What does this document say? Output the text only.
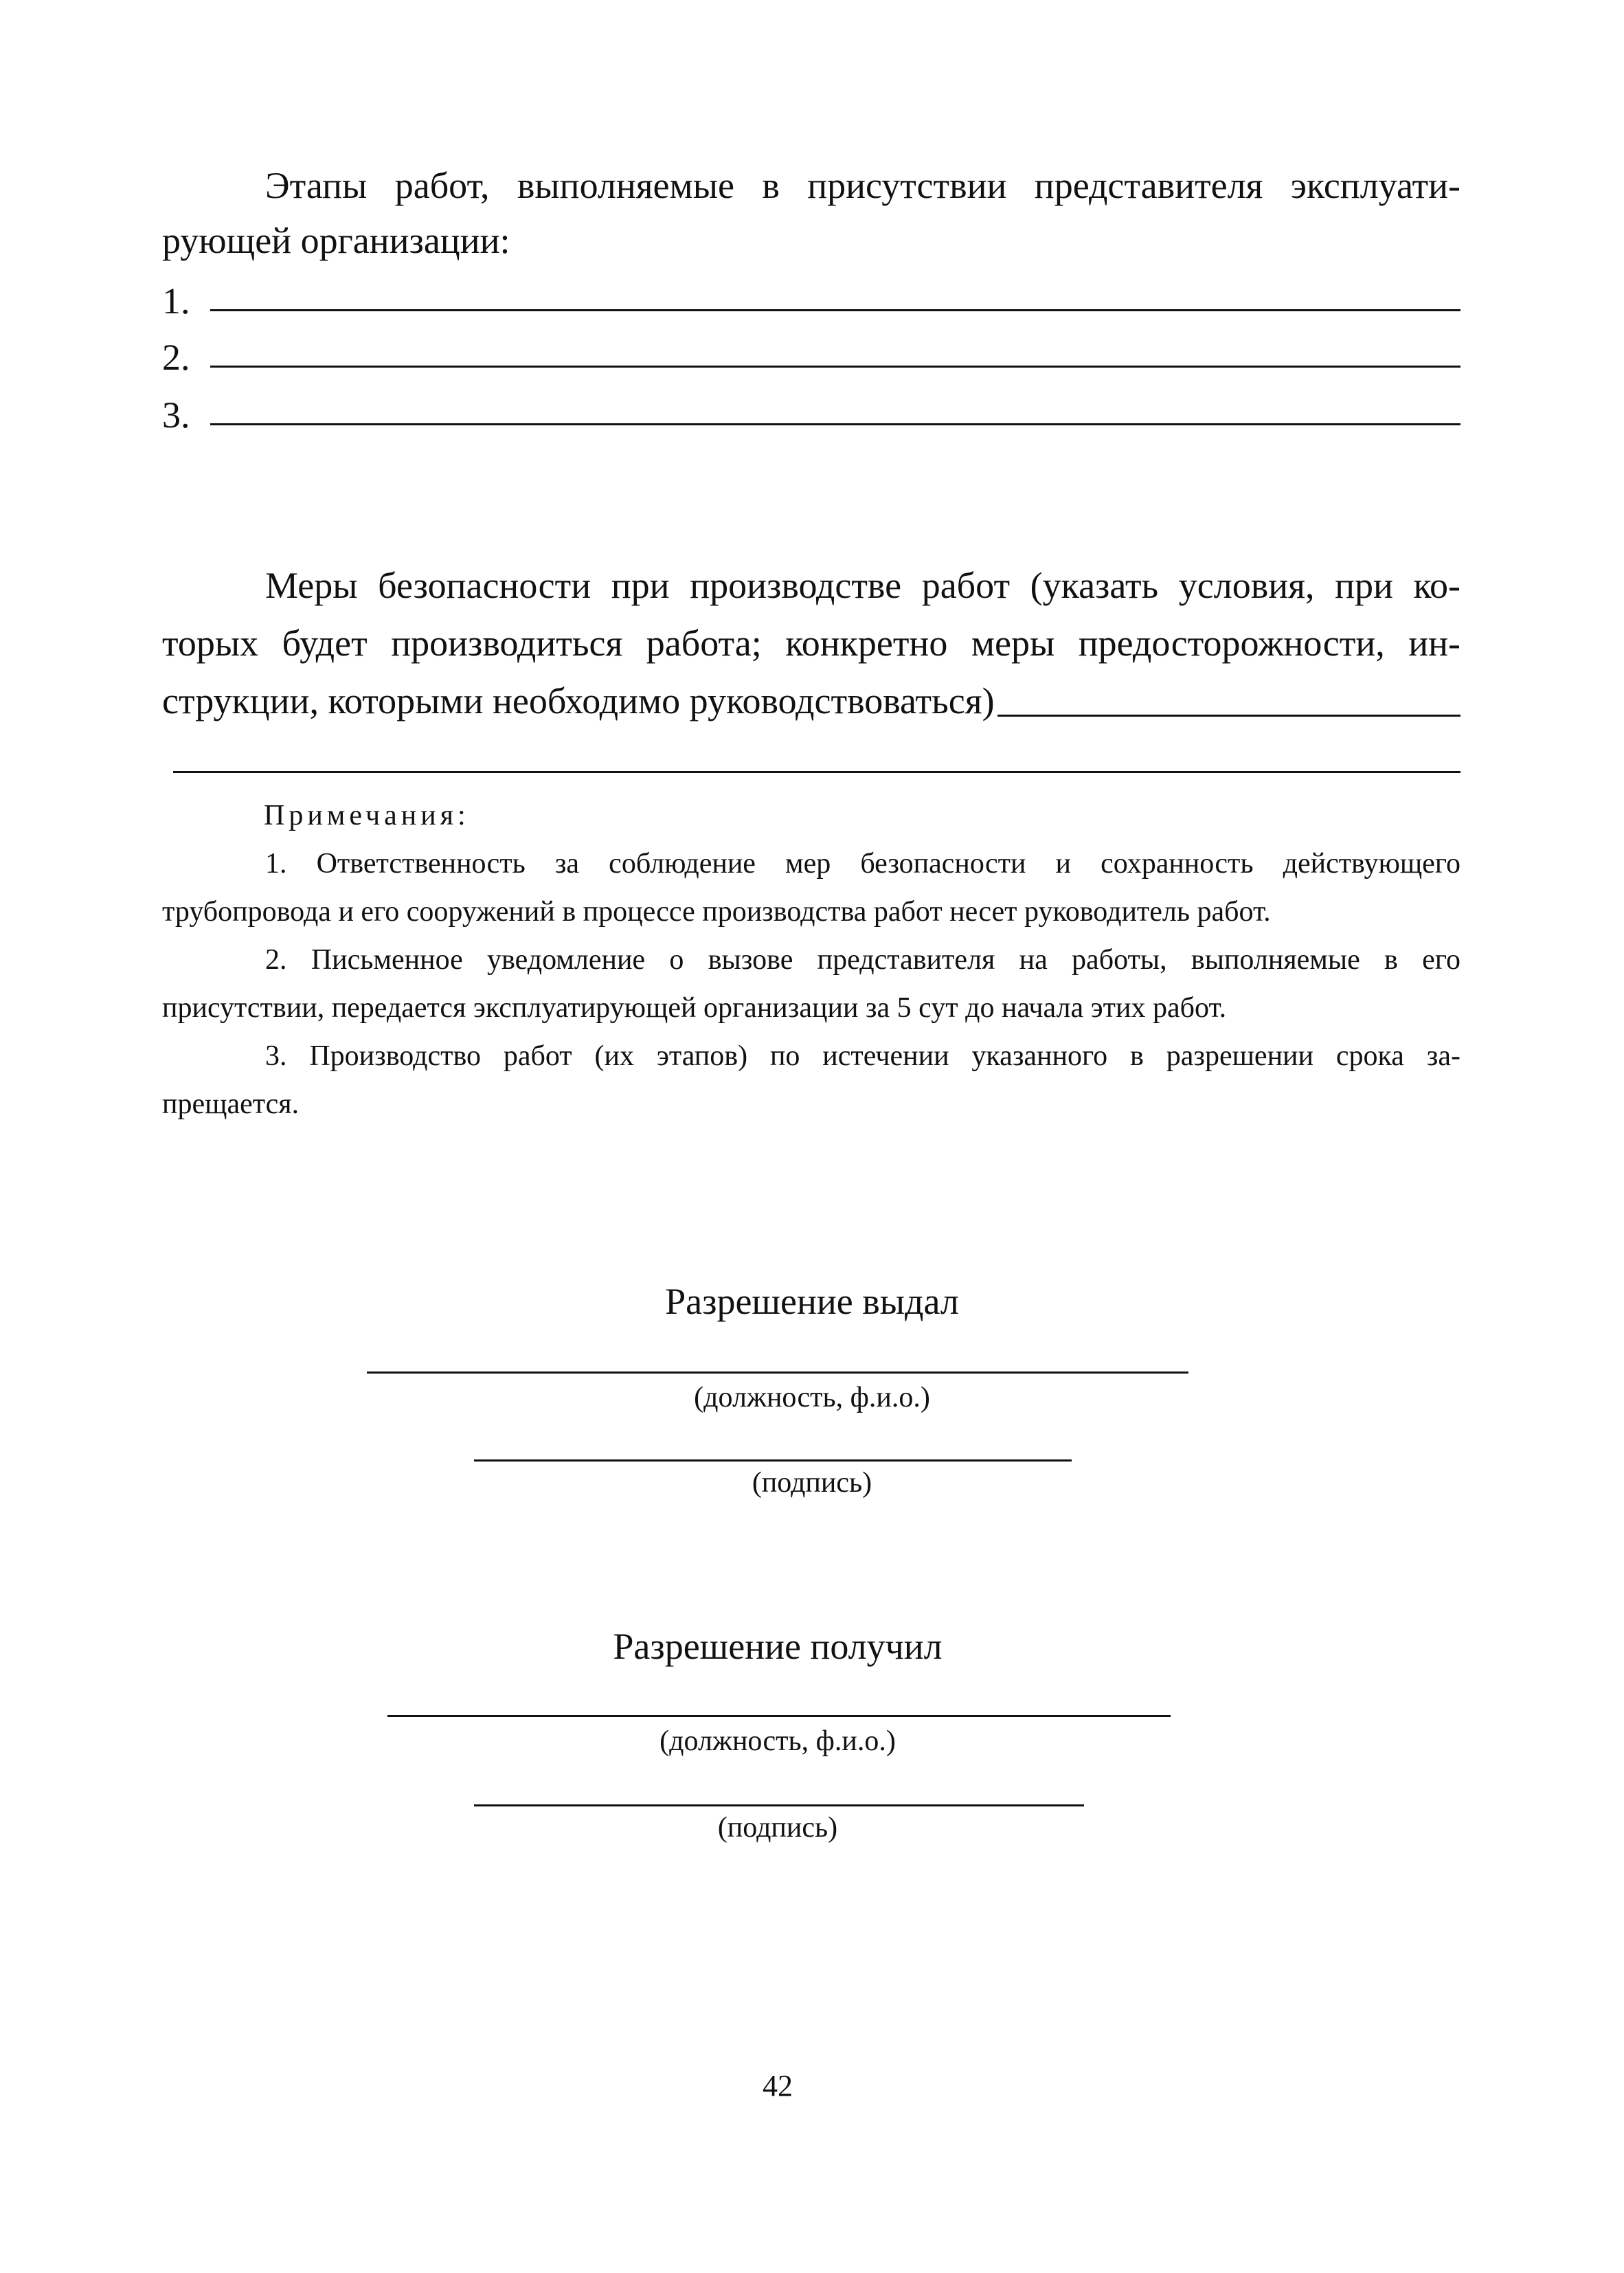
Этапы работ, выполняемые в присутствии представителя эксплуати-
рующей организации:
1.
2.
3.
Меры безопасности при производстве работ (указать условия, при ко-
торых будет производиться работа; конкретно меры предосторожности, ин-
струкции, которыми необходимо руководствоваться)
Примечания:
1. Ответственность за соблюдение мер безопасности и сохранность действующего
трубопровода и его сооружений в процессе производства работ несет руководитель работ.
2. Письменное уведомление о вызове представителя на работы, выполняемые в его
присутствии, передается эксплуатирующей организации за 5 сут до начала этих работ.
3. Производство работ (их этапов) по истечении указанного в разрешении срока за-
прещается.
Разрешение выдал
(должность, ф.и.о.)
(подпись)
Разрешение получил
(должность, ф.и.о.)
(подпись)
42
